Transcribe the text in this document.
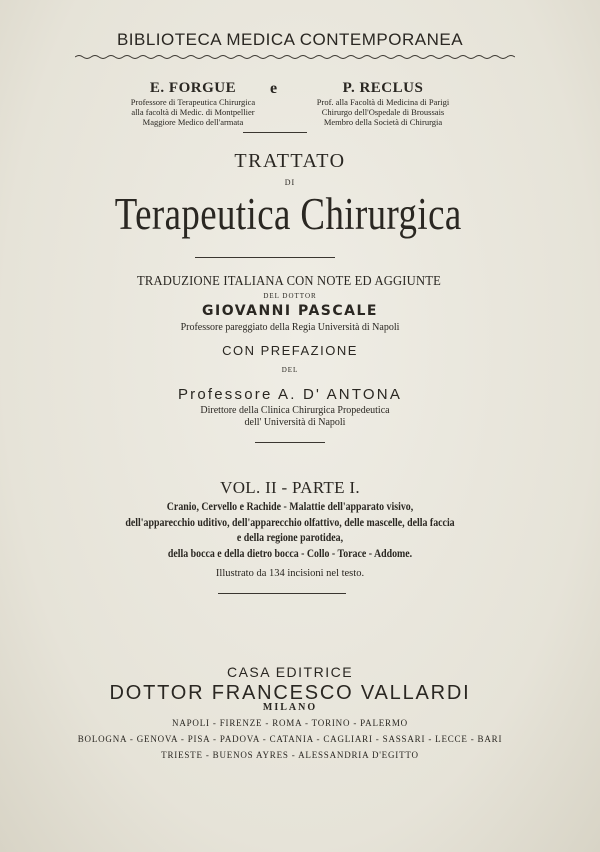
BIBLIOTECA MEDICA CONTEMPORANEA
E. FORGUE
Professore di Terapeutica Chirurgica
alla facoltà di Medic. di Montpellier
Maggiore Medico dell'armata
e	P. RECLUS
Prof. alla Facoltà di Medicina di Parigi
Chirurgo dell'Ospedale di Broussais
Membro della Società di Chirurgia
TRATTATO
DI
Terapeutica Chirurgica
TRADUZIONE ITALIANA CON NOTE ED AGGIUNTE
DEL DOTTOR
GIOVANNI PASCALE
Professore pareggiato della Regia Università di Napoli
CON PREFAZIONE
DEL
Professore A. D' ANTONA
Direttore della Clinica Chirurgica Propedeutica
dell' Università di Napoli
VOL. II - PARTE I.
Cranio, Cervello e Rachide - Malattie dell'apparato visivo,
dell'apparecchio uditivo, dell'apparecchio olfattivo, delle mascelle, della faccia
e della regione parotidea,
della bocca e della dietro bocca - Collo - Torace - Addome.
Illustrato da 134 incisioni nel testo.
CASA EDITRICE
DOTTOR FRANCESCO VALLARDI
MILANO
NAPOLI - FIRENZE - ROMA - TORINO - PALERMO
BOLOGNA - GENOVA - PISA - PADOVA - CATANIA - CAGLIARI - SASSARI - LECCE - BARI
TRIESTE - BUENOS AYRES - ALESSANDRIA D'EGITTO
